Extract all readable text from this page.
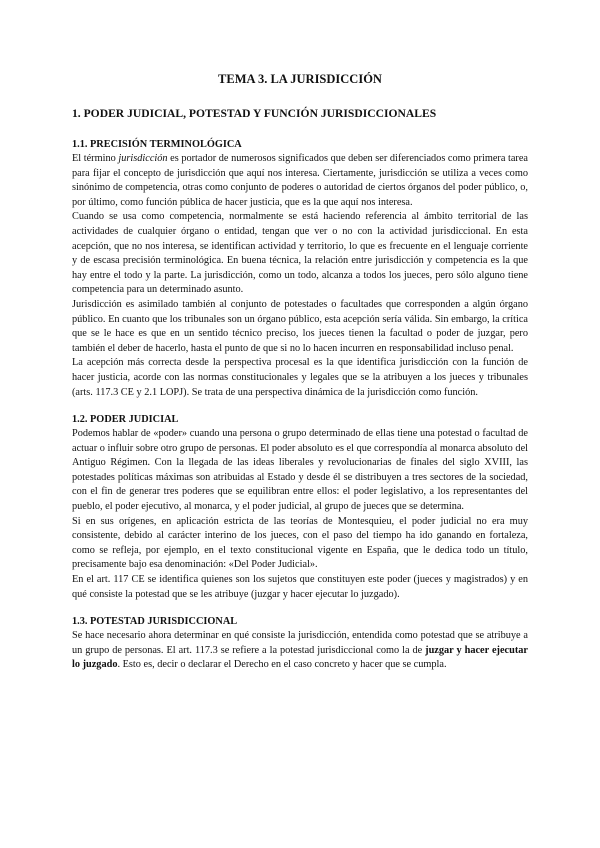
TEMA 3. LA JURISDICCIÓN
1. PODER JUDICIAL, POTESTAD Y FUNCIÓN JURISDICCIONALES
1.1. PRECISIÓN TERMINOLÓGICA

El término jurisdicción es portador de numerosos significados que deben ser diferenciados como primera tarea para fijar el concepto de jurisdicción que aquí nos interesa. Ciertamente, jurisdicción se utiliza a veces como sinónimo de competencia, otras como conjunto de poderes o autoridad de ciertos órganos del poder público, o, por último, como función pública de hacer justicia, que es la que aquí nos interesa.

Cuando se usa como competencia, normalmente se está haciendo referencia al ámbito territorial de las actividades de cualquier órgano o entidad, tengan que ver o no con la actividad jurisdiccional. En esta acepción, que no nos interesa, se identifican actividad y territorio, lo que es frecuente en el lenguaje corriente y de escasa precisión terminológica. En buena técnica, la relación entre jurisdicción y competencia es la que hay entre el todo y la parte. La jurisdicción, como un todo, alcanza a todos los jueces, pero sólo alguno tiene competencia para un determinado asunto.

Jurisdicción es asimilado también al conjunto de potestades o facultades que corresponden a algún órgano público. En cuanto que los tribunales son un órgano público, esta acepción sería válida. Sin embargo, la crítica que se le hace es que en un sentido técnico preciso, los jueces tienen la facultad o poder de juzgar, pero también el deber de hacerlo, hasta el punto de que si no lo hacen incurren en responsabilidad incluso penal.

La acepción más correcta desde la perspectiva procesal es la que identifica jurisdicción con la función de hacer justicia, acorde con las normas constitucionales y legales que se la atribuyen a los jueces y tribunales (arts. 117.3 CE y 2.1 LOPJ). Se trata de una perspectiva dinámica de la jurisdicción como función.

1.2. PODER JUDICIAL

Podemos hablar de «poder» cuando una persona o grupo determinado de ellas tiene una potestad o facultad de actuar o influir sobre otro grupo de personas. El poder absoluto es el que correspondía al monarca absoluto del Antiguo Régimen. Con la llegada de las ideas liberales y revolucionarias de finales del siglo XVIII, las potestades políticas máximas son atribuidas al Estado y desde él se distribuyen a tres sectores de la sociedad, con el fin de generar tres poderes que se equilibran entre ellos: el poder legislativo, a los representantes del pueblo, el poder ejecutivo, al monarca, y el poder judicial, al grupo de jueces que se determina.

Si en sus orígenes, en aplicación estricta de las teorías de Montesquieu, el poder judicial no era muy consistente, debido al carácter interino de los jueces, con el paso del tiempo ha ido ganando en fortaleza, como se refleja, por ejemplo, en el texto constitucional vigente en España, que le dedica todo un título, precisamente bajo esa denominación: «Del Poder Judicial».

En el art. 117 CE se identifica quienes son los sujetos que constituyen este poder (jueces y magistrados) y en qué consiste la potestad que se les atribuye (juzgar y hacer ejecutar lo juzgado).

1.3. POTESTAD JURISDICCIONAL

Se hace necesario ahora determinar en qué consiste la jurisdicción, entendida como potestad que se atribuye a un grupo de personas. El art. 117.3 se refiere a la potestad jurisdiccional como la de juzgar y hacer ejecutar lo juzgado. Esto es, decir o declarar el Derecho en el caso concreto y hacer que se cumpla.
